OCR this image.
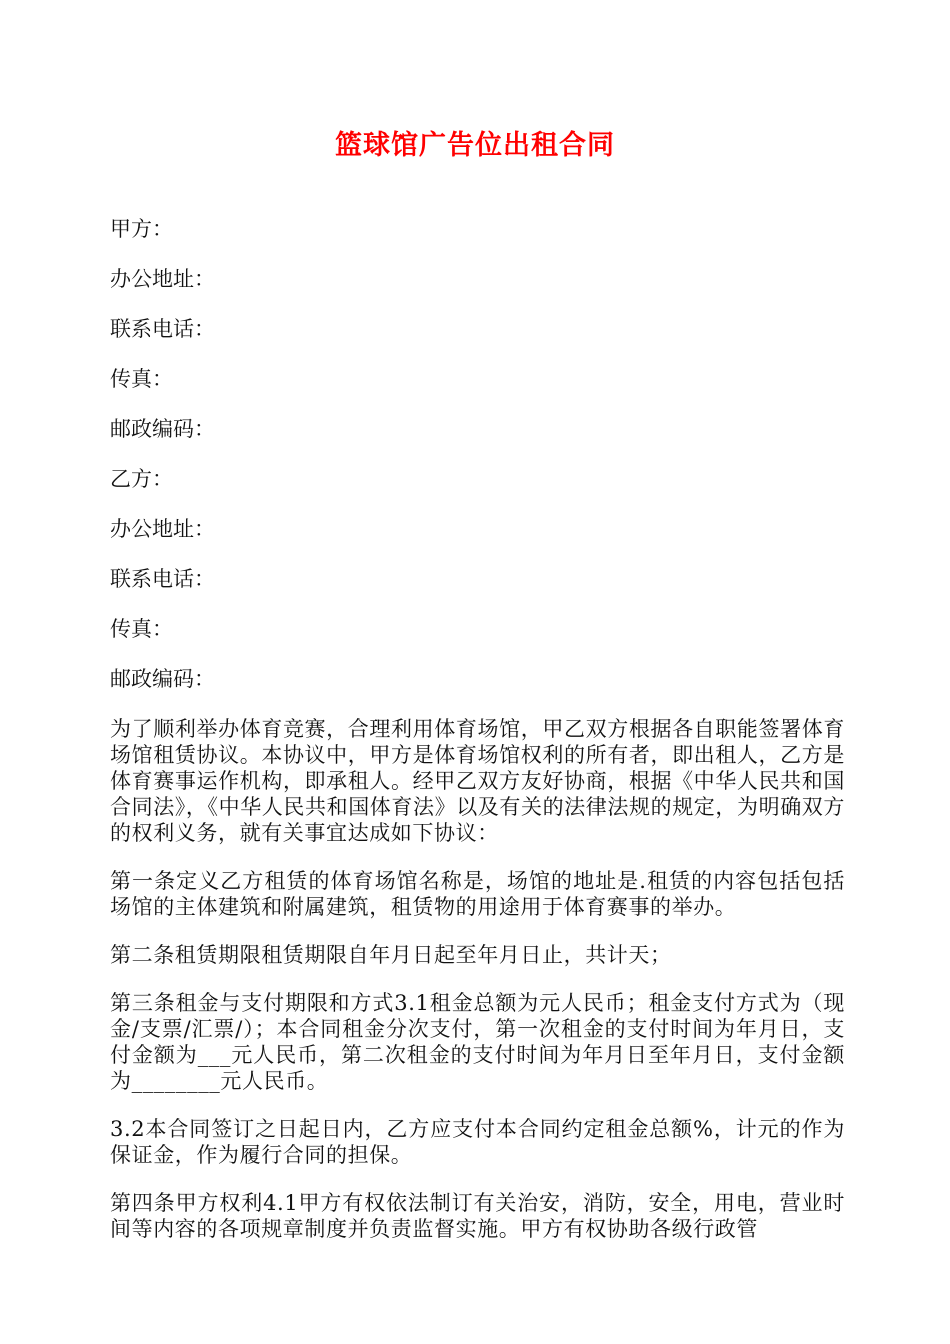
篮球馆广告位出租合同
甲方：
办公地址：
联系电话：
传真：
邮政编码：
乙方：
办公地址：
联系电话：
传真：
邮政编码：

为了顺利举办体育竞赛，合理利用体育场馆，甲乙双方根据各自职能签署体育场馆租赁协议。本协议中，甲方是体育场馆权利的所有者，即出租人，乙方是体育赛事运作机构，即承租人。经甲乙双方友好协商，根据《中华人民共和国合同法》，《中华人民共和国体育法》以及有关的法律法规的规定，为明确双方的权利义务，就有关事宜达成如下协议：

第一条定义乙方租赁的体育场馆名称是，场馆的地址是.租赁的内容包括包括场馆的主体建筑和附属建筑，租赁物的用途用于体育赛事的举办。

第二条租赁期限租赁期限自年月日起至年月日止，共计天；

第三条租金与支付期限和方式3.1租金总额为元人民币；租金支付方式为（现金/支票/汇票/）；本合同租金分次支付，第一次租金的支付时间为年月日，支付金额为___元人民币，第二次租金的支付时间为年月日至年月日，支付金额为________元人民币。

3.2本合同签订之日起日内，乙方应支付本合同约定租金总额%，计元的作为保证金，作为履行合同的担保。

第四条甲方权利4.1甲方有权依法制订有关治安，消防，安全，用电，营业时间等内容的各项规章制度并负责监督实施。甲方有权协助各级行政管
